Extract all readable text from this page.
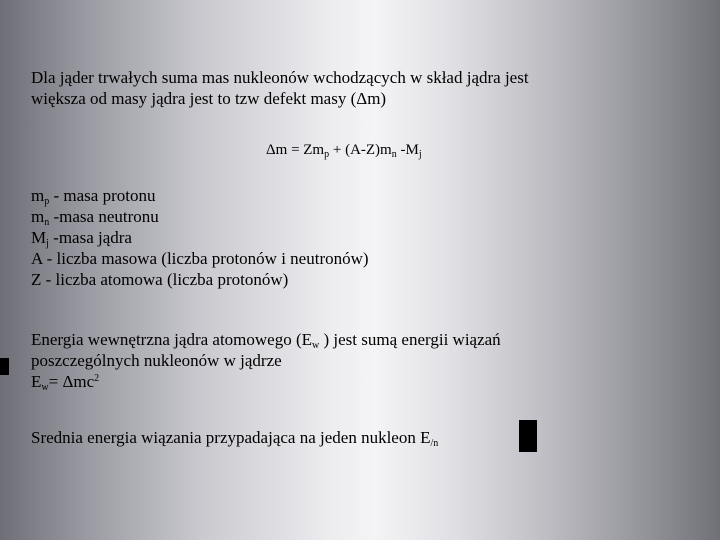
Dla jąder trwałych suma mas nukleonów wchodzących w skład jądra jest
większa od masy jądra jest to tzw defekt masy (Δm)
$\Delta m = Zm_p + (A-Z)m_n$ $-M_j$
$m_p$ - masa protonu
$m_n$ -masa neutronu
$M_j$ -masa jądra
A - liczba masowa (liczba protonów i neutronów)
Z - liczba atomowa (liczba protonów)
Energia wewnętrzna jądra atomowego ($E_w$ ) jest sumą energii wiązań
poszczególnych nukleonów w jądrze
$E_w= \Delta mc^2$
Srednia energia wiązania przypadająca na jeden nukleon $E_{/n}$
